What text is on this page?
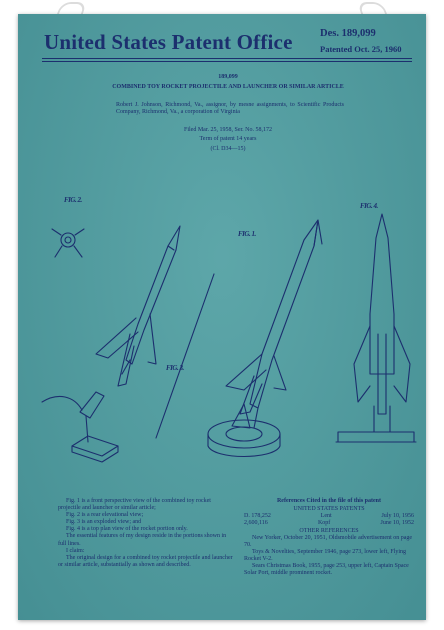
United States Patent Office	Des. 189,099
Patented Oct. 25, 1960
189,099
COMBINED TOY ROCKET PROJECTILE AND LAUNCHER OR SIMILAR ARTICLE
Robert J. Johnson, Richmond, Va., assignor, by mesne assignments, to Scientific Products Company, Richmond, Va., a corporation of Virginia
Filed Mar. 25, 1958, Ser. No. 58,172
Term of patent 14 years
(Cl. D34—15)
FIG. 2.
FIG. 1.
FIG. 3.
FIG. 4.

Fig. 1 is a front perspective view of the combined toy rocket projectile and launcher or similar article;

Fig. 2 is a rear elevational view;

Fig. 3 is an exploded view; and

Fig. 4 is a top plan view of the rocket portion only.

The essential features of my design reside in the portions shown in full lines.

I claim:

The original design for a combined toy rocket projectile and launcher or similar article, substantially as shown and described.

References Cited in the file of this patent
UNITED STATES PATENTS
D. 178,252	Lent	July 10, 1956
2,600,116	Kopf	June 10, 1952
OTHER REFERENCES

New Yorker, October 20, 1951, Oldsmobile advertisement on page 70.

Toys & Novelties, September 1946, page 273, lower left, Flying Rocket V-2.

Sears Christmas Book, 1955, page 253, upper left, Captain Space Solar Port, middle prominent rocket.
